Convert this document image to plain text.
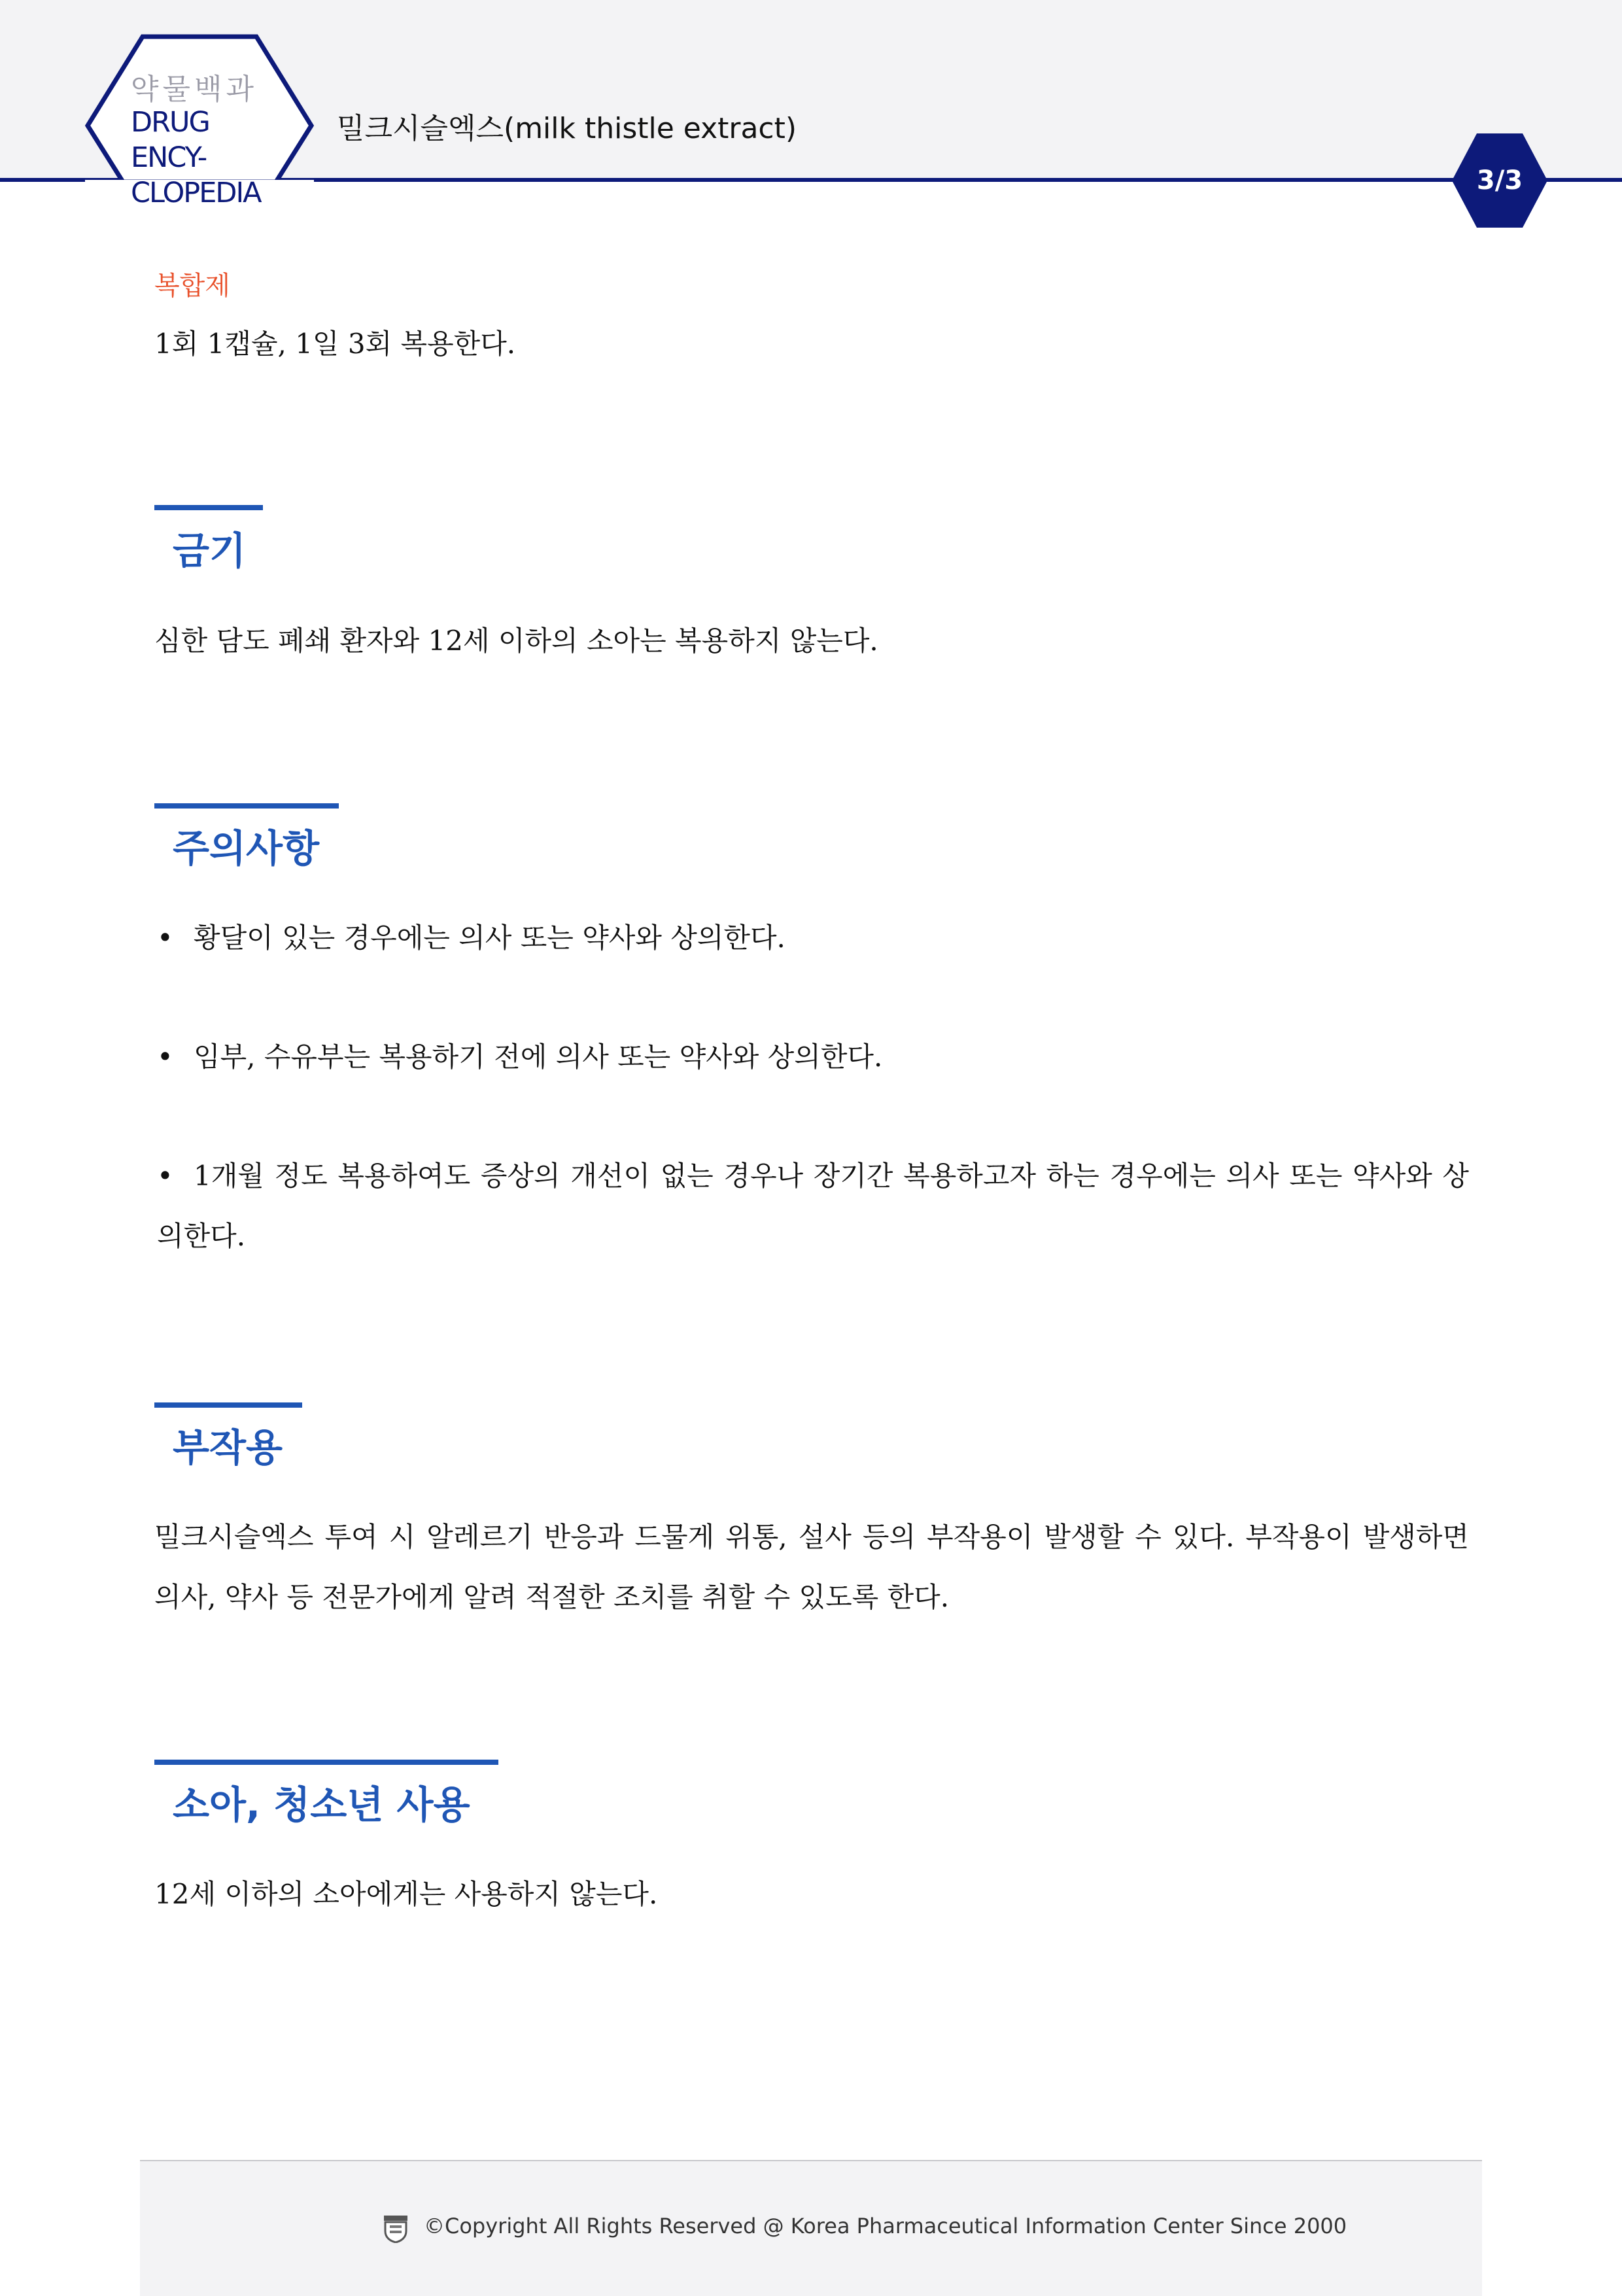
약물백과
DRUG ENCY-
CLOPEDIA
밀크시슬엑스(milk thistle extract)
3/3
복합제
1회 1캡슐, 1일 3회 복용한다.
금기
심한 담도 폐쇄 환자와 12세 이하의 소아는 복용하지 않는다.
주의사항
• 황달이 있는 경우에는 의사 또는 약사와 상의한다.
• 임부, 수유부는 복용하기 전에 의사 또는 약사와 상의한다.
• 1개월 정도 복용하여도 증상의 개선이 없는 경우나 장기간 복용하고자 하는 경우에는 의사 또는 약사와 상의한다.
부작용
밀크시슬엑스 투여 시 알레르기 반응과 드물게 위통, 설사 등의 부작용이 발생할 수 있다. 부작용이 발생하면 의사, 약사 등 전문가에게 알려 적절한 조치를 취할 수 있도록 한다.
소아, 청소년 사용
12세 이하의 소아에게는 사용하지 않는다.
©Copyright All Rights Reserved @ Korea Pharmaceutical Information Center Since 2000
